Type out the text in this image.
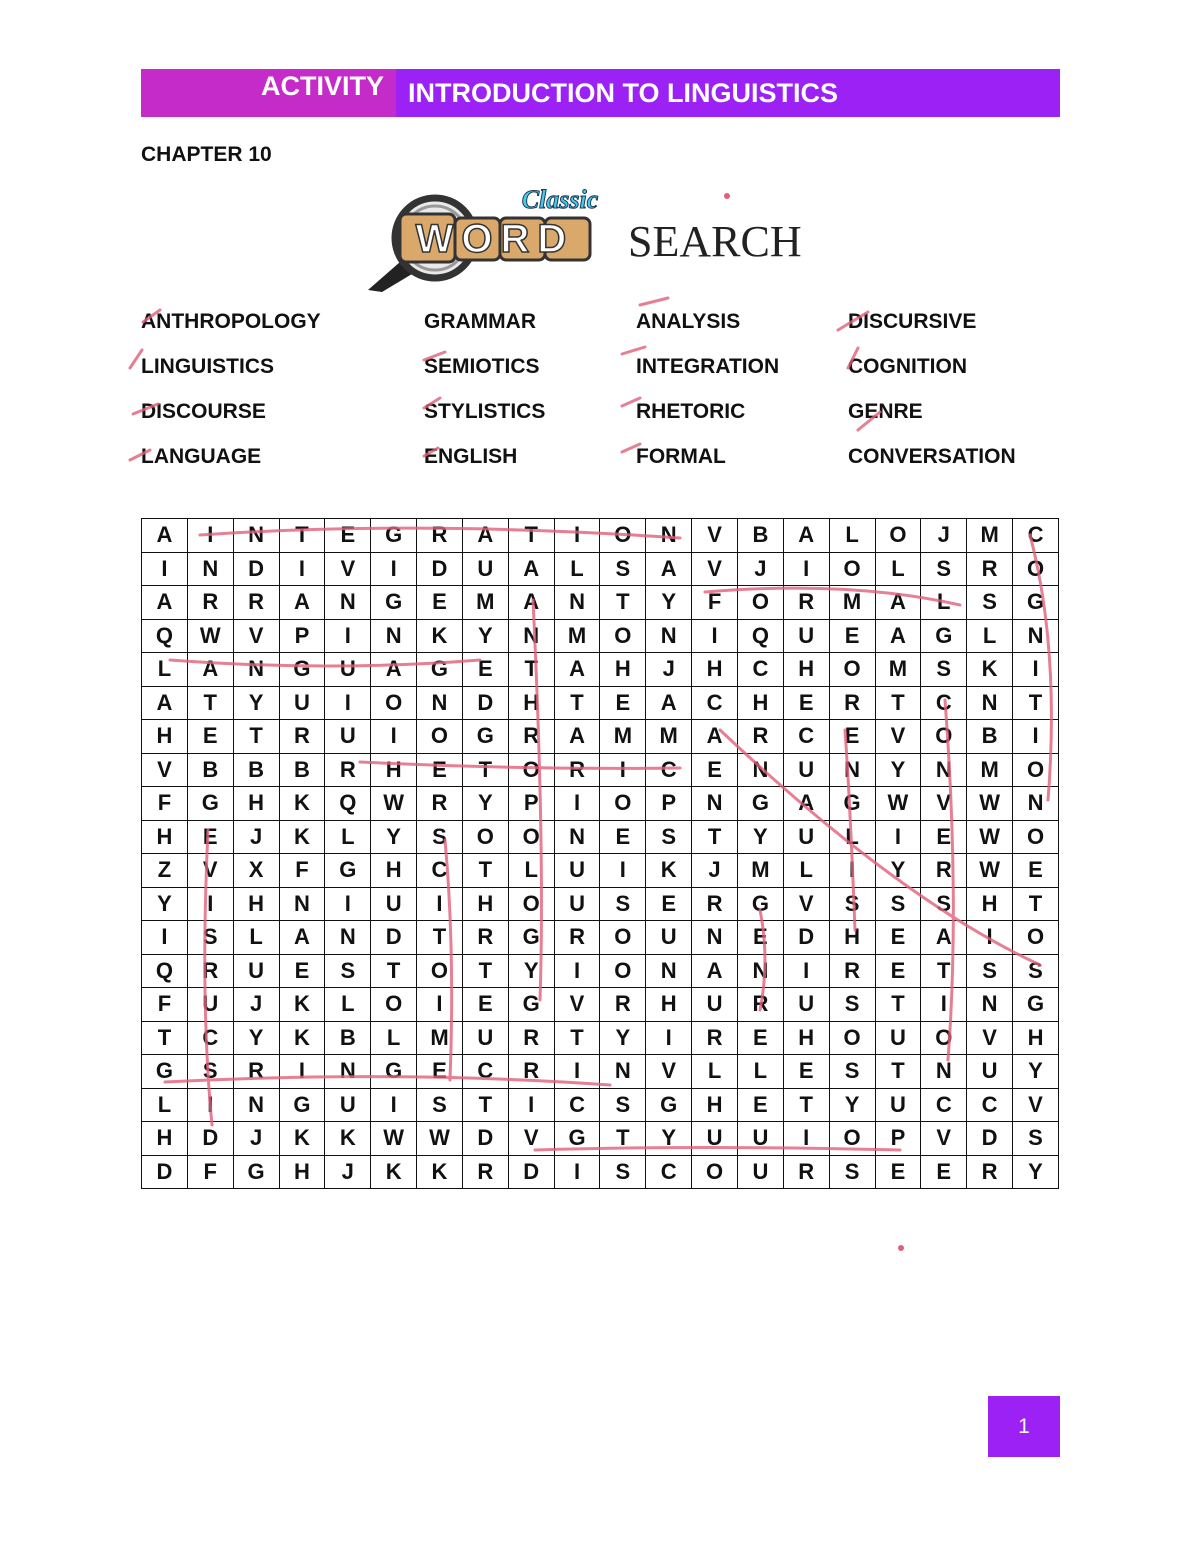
ACTIVITY INTRODUCTION TO LINGUISTICS
CHAPTER 10
WORD
Classic
SEARCH
ANTHROPOLOGY	GRAMMAR	ANALYSIS	DISCURSIVE
LINGUISTICS	SEMIOTICS	INTEGRATION	COGNITION
DISCOURSE	STYLISTICS	RHETORIC	GENRE
LANGUAGE	ENGLISH	FORMAL	CONVERSATION
A	I	N	T	E	G	R	A	T	I	O	N	V	B	A	L	O	J	M	C
I	N	D	I	V	I	D	U	A	L	S	A	V	J	I	O	L	S	R	O
A	R	R	A	N	G	E	M	A	N	T	Y	F	O	R	M	A	L	S	G
Q	W	V	P	I	N	K	Y	N	M	O	N	I	Q	U	E	A	G	L	N
L	A	N	G	U	A	G	E	T	A	H	J	H	C	H	O	M	S	K	I
A	T	Y	U	I	O	N	D	H	T	E	A	C	H	E	R	T	C	N	T
H	E	T	R	U	I	O	G	R	A	M	M	A	R	C	E	V	O	B	I
V	B	B	B	R	H	E	T	O	R	I	C	E	N	U	N	Y	N	M	O
F	G	H	K	Q	W	R	Y	P	I	O	P	N	G	A	G	W	V	W	N
H	E	J	K	L	Y	S	O	O	N	E	S	T	Y	U	L	I	E	W	O
Z	V	X	F	G	H	C	T	L	U	I	K	J	M	L	I	Y	R	W	E
Y	I	H	N	I	U	I	H	O	U	S	E	R	G	V	S	S	S	H	T
I	S	L	A	N	D	T	R	G	R	O	U	N	E	D	H	E	A	I	O
Q	R	U	E	S	T	O	T	Y	I	O	N	A	N	I	R	E	T	S	S
F	U	J	K	L	O	I	E	G	V	R	H	U	R	U	S	T	I	N	G
T	C	Y	K	B	L	M	U	R	T	Y	I	R	E	H	O	U	O	V	H
G	S	R	I	N	G	E	C	R	I	N	V	L	L	E	S	T	N	U	Y
L	I	N	G	U	I	S	T	I	C	S	G	H	E	T	Y	U	C	C	V
H	D	J	K	K	W	W	D	V	G	T	Y	U	U	I	O	P	V	D	S
D	F	G	H	J	K	K	R	D	I	S	C	O	U	R	S	E	E	R	Y
1
